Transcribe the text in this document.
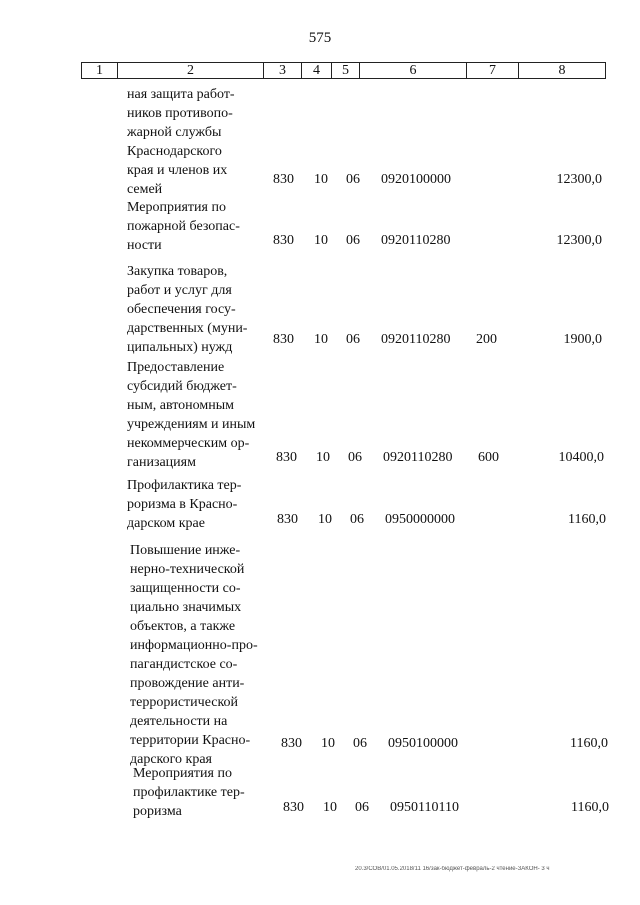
575
1	2	3	4	5	6	7	8
ная защита работ-
ников противопо-
жарной службы
Краснодарского
края и членов их
семей
830 10 06 0920100000	12300,0
Мероприятия по
пожарной безопас-
ности	830 10 06 0920110280	12300,0
Закупка товаров,
работ и услуг для
обеспечения госу-
дарственных (муни-
ципальных) нужд
830 10 06 0920110280 200	1900,0
Предоставление
субсидий бюджет-
ным, автономным
учреждениям и иным
некоммерческим ор-
ганизациям	830 10 06 0920110280 600	10400,0
Профилактика тер-
роризма в Красно-
дарском крае	830 10 06 0950000000	1160,0
Повышение инже-
нерно-технической
защищенности со-
циально значимых
объектов, а также
информационно-про-
пагандистское со-
провождение анти-
террористической
деятельности на
территории Красно-
дарского края
830 10 06 0950100000	1160,0
Мероприятия по
профилактике тер-
роризма	830 10 06 0950110110	1160,0
20.3/СОВ/01.05.2018/11 16/зак-бюджет-февраль-2 чтение-ЗАКОН- 3 ч
